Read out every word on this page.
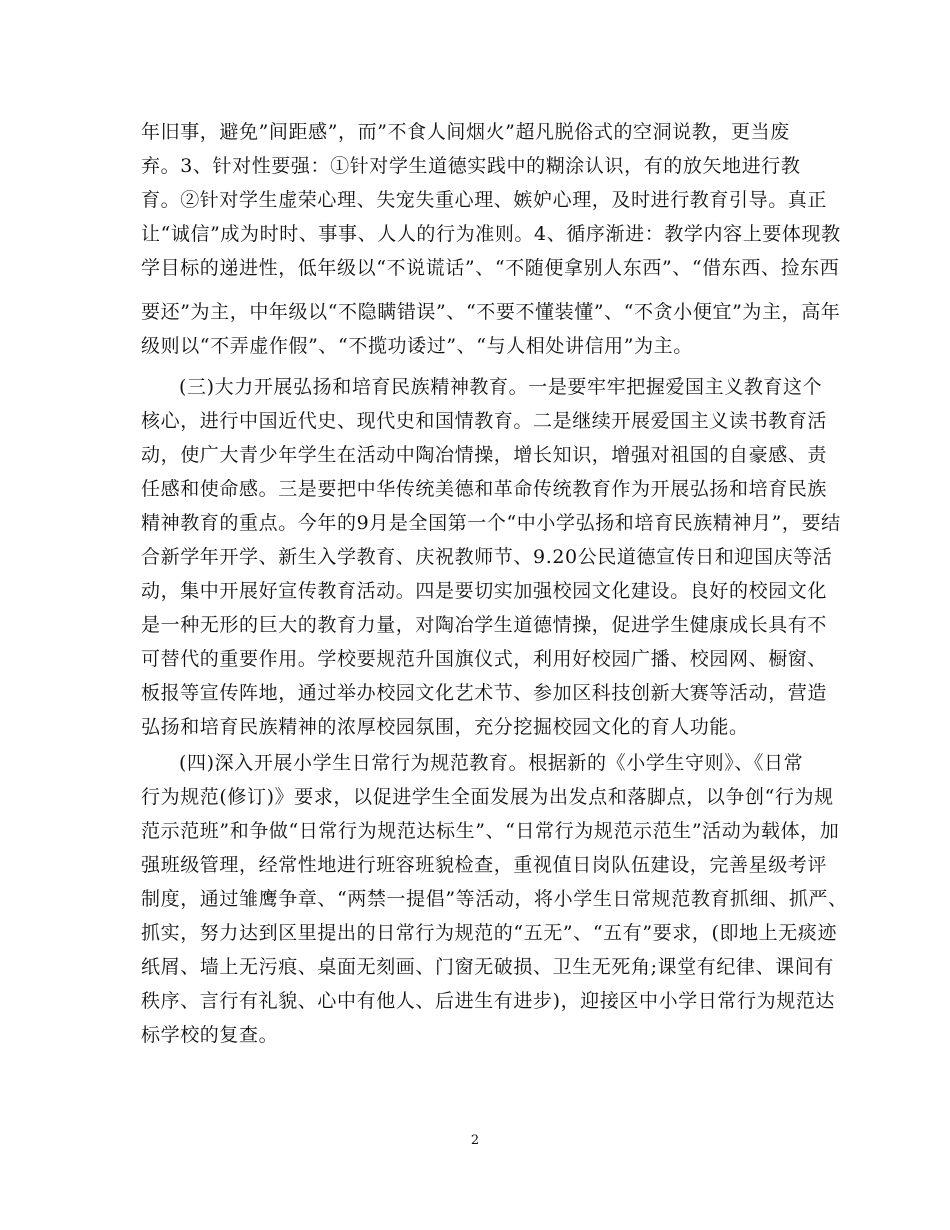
年旧事，避免”间距感”，而”不食人间烟火”超凡脱俗式的空洞说教，更当废
弃。3、针对性要强：①针对学生道德实践中的糊涂认识，有的放矢地进行教
育。②针对学生虚荣心理、失宠失重心理、嫉妒心理，及时进行教育引导。真正
让“诚信”成为时时、事事、人人的行为准则。4、循序渐进：教学内容上要体现教
学目标的递进性，低年级以“不说谎话”、“不随便拿别人东西”、“借东西、捡东西
要还”为主，中年级以“不隐瞒错误”、“不要不懂装懂”、“不贪小便宜”为主，高年
级则以“不弄虚作假”、“不揽功诿过”、“与人相处讲信用”为主。
(三)大力开展弘扬和培育民族精神教育。一是要牢牢把握爱国主义教育这个
核心，进行中国近代史、现代史和国情教育。二是继续开展爱国主义读书教育活
动，使广大青少年学生在活动中陶冶情操，增长知识，增强对祖国的自豪感、责
任感和使命感。三是要把中华传统美德和革命传统教育作为开展弘扬和培育民族
精神教育的重点。今年的9月是全国第一个“中小学弘扬和培育民族精神月”，要结
合新学年开学、新生入学教育、庆祝教师节、9.20公民道德宣传日和迎国庆等活
动，集中开展好宣传教育活动。四是要切实加强校园文化建设。良好的校园文化
是一种无形的巨大的教育力量，对陶冶学生道德情操，促进学生健康成长具有不
可替代的重要作用。学校要规范升国旗仪式，利用好校园广播、校园网、橱窗、
板报等宣传阵地，通过举办校园文化艺术节、参加区科技创新大赛等活动，营造
弘扬和培育民族精神的浓厚校园氛围，充分挖掘校园文化的育人功能。
(四)深入开展小学生日常行为规范教育。根据新的《小学生守则》、《日常
行为规范(修订)》要求，以促进学生全面发展为出发点和落脚点，以争创“行为规
范示范班”和争做“日常行为规范达标生”、“日常行为规范示范生”活动为载体，加
强班级管理，经常性地进行班容班貌检查，重视值日岗队伍建设，完善星级考评
制度，通过雏鹰争章、“两禁一提倡”等活动，将小学生日常规范教育抓细、抓严、
抓实，努力达到区里提出的日常行为规范的“五无”、“五有”要求，(即地上无痰迹
纸屑、墙上无污痕、桌面无刻画、门窗无破损、卫生无死角;课堂有纪律、课间有
秩序、言行有礼貌、心中有他人、后进生有进步)，迎接区中小学日常行为规范达
标学校的复查。
2
